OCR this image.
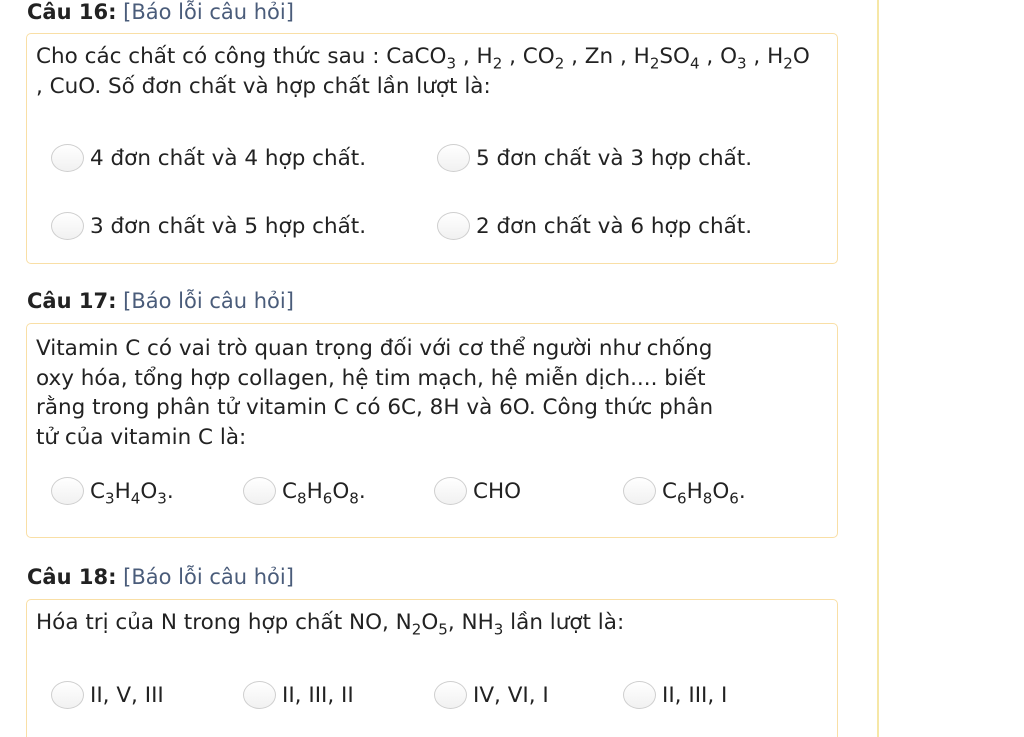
Câu 16: [Báo lỗi câu hỏi]
Cho các chất có công thức sau : CaCO$_3$ , $H_2$ , $CO_2$ , Zn , $H_2SO_4$ , $O_3$ , $H_2O$ , CuO. Số đơn chất và hợp chất lần lượt là:
4 đơn chất và 4 hợp chất.	5 đơn chất và 3 hợp chất.
3 đơn chất và 5 hợp chất.	2 đơn chất và 6 hợp chất.
Câu 17: [Báo lỗi câu hỏi]
Vitamin C có vai trò quan trọng đối với cơ thể người như chống
oxy hóa, tổng hợp collagen, hệ tim mạch, hệ miễn dịch.... biết
rằng trong phân tử vitamin C có 6C, 8H và 6O. Công thức phân
tử của vitamin C là:
$C_3H_4O_3$.	$C_8H_6O_8$.	CHO	$C_6H_8O_6$.
Câu 18: [Báo lỗi câu hỏi]
Hóa trị của N trong hợp chất NO, $N_2O_5$, $NH_3$ lần lượt là:
II, V, III	II, III, II	IV, VI, I	II, III, I
